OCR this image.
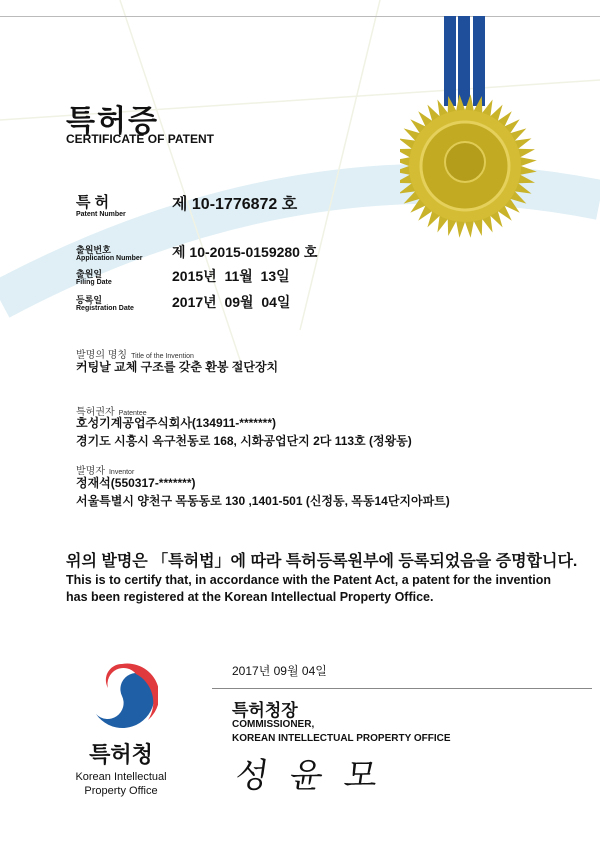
특허증
CERTIFICATE OF PATENT
특 허
Patent Number
제 10-1776872 호
출원번호
Application Number 제 10-2015-0159280 호
출원일
Filing Date	2015년  11월  13일
등록일
Registration Date	2017년  09월  04일
발명의 명칭 Title of the Invention
커팅날 교체 구조를 갖춘 환봉 절단장치
특허권자 Patentee
호성기계공업주식회사(134911-*******)
경기도 시흥시 옥구천동로 168, 시화공업단지 2다 113호 (정왕동)
발명자 Inventor
정재석(550317-*******)
서울특별시 양천구 목동동로 130 ,1401-501 (신정동, 목동14단지아파트)
위의 발명은 「특허법」에 따라 특허등록원부에 등록되었음을 증명합니다.
This is to certify that, in accordance with the Patent Act, a patent for the invention
has been registered at the Korean Intellectual Property Office.
특허청
Korean Intellectual
Property Office
2017년 09월 04일
특허청장
COMMISSIONER,
KOREAN INTELLECTUAL PROPERTY OFFICE
성  윤  모
